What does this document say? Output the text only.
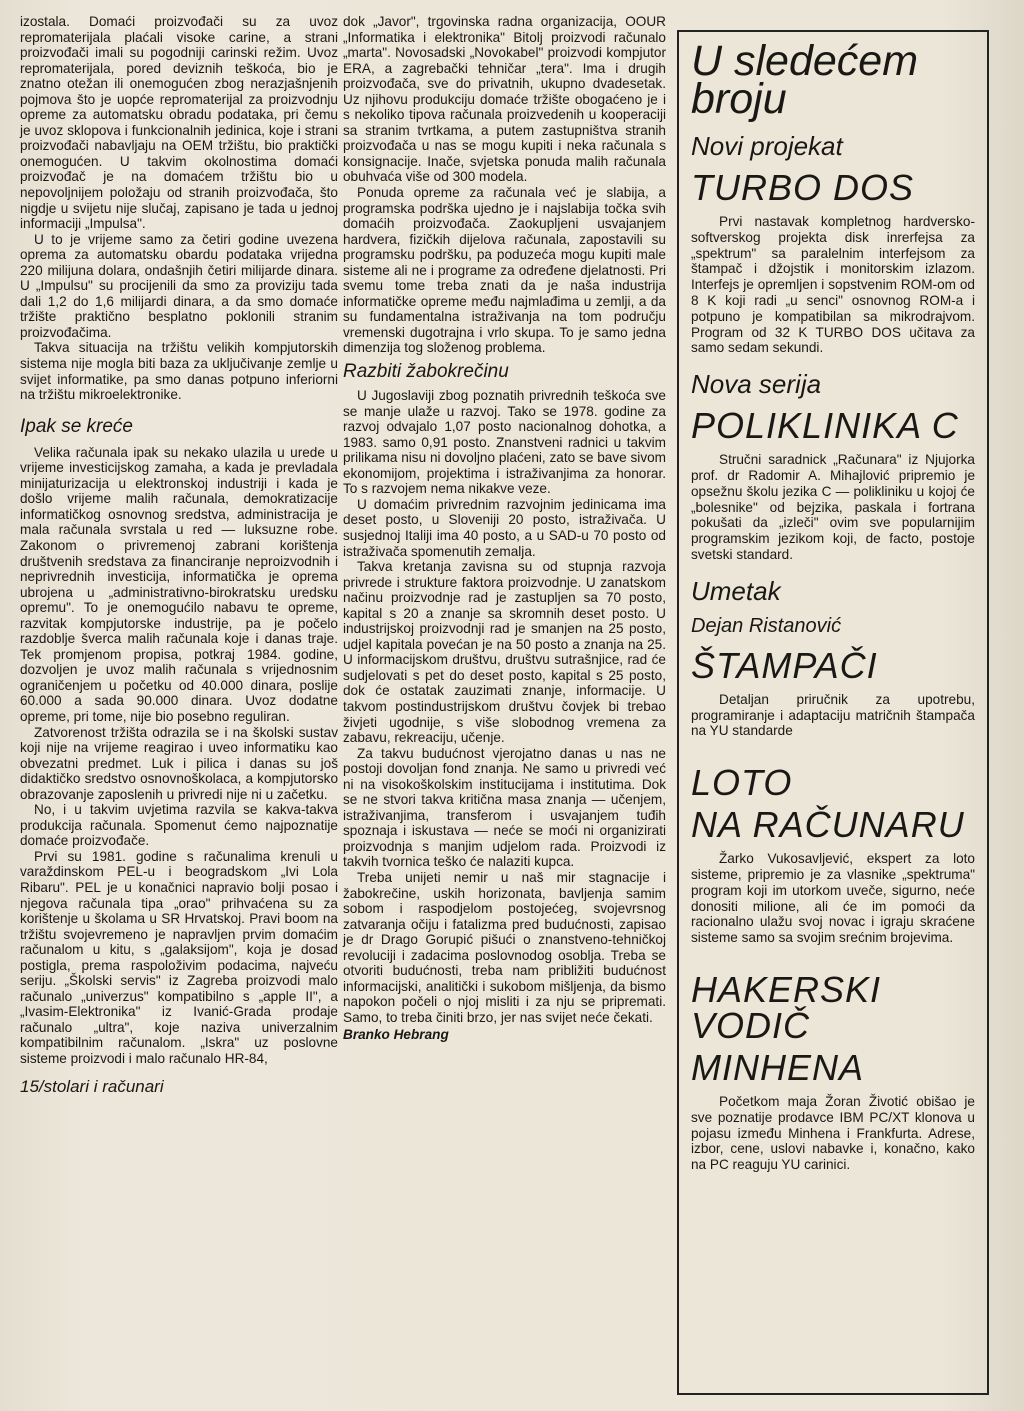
izostala. Domaći proizvođači su za uvoz repromaterijala plaćali visoke carine, a strani proizvođači imali su pogodniji carinski režim. Uvoz repromaterijala, pored deviznih teškoća, bio je znatno otežan ili onemogućen zbog nerazjašnjenih pojmova što je uopće repromaterijal za proizvodnju opreme za automatsku obradu podataka, pri čemu je uvoz sklopova i funkcionalnih jedinica, koje i strani proizvođači nabavljaju na OEM tržištu, bio praktički onemogućen. U takvim okolnostima domaći proizvođač je na domaćem tržištu bio u nepovoljnijem položaju od stranih proizvođača, što nigdje u svijetu nije slučaj, zapisano je tada u jednoj informaciji „Impulsa".

U to je vrijeme samo za četiri godine uvezena oprema za automatsku obardu podataka vrijedna 220 milijuna dolara, ondašnjih četiri milijarde dinara. U „Impulsu" su procijenili da smo za proviziju tada dali 1,2 do 1,6 milijardi dinara, a da smo domaće tržište praktično besplatno poklonili stranim proizvođačima.

Takva situacija na tržištu velikih kompjutorskih sistema nije mogla biti baza za uključivanje zemlje u svijet informatike, pa smo danas potpuno inferiorni na tržištu mikroelektronike.

Ipak se kreće

Velika računala ipak su nekako ulazila u urede u vrijeme investicijskog zamaha, a kada je prevladala minijaturizacija u elektronskoj industriji i kada je došlo vrijeme malih računala, demokratizacije informatičkog osnovnog sredstva, administracija je mala računala svrstala u red — luksuzne robe. Zakonom o privremenoj zabrani korištenja društvenih sredstava za financiranje neproizvodnih i neprivrednih investicija, informatička je oprema ubrojena u „administrativno-birokratsku uredsku opremu". To je onemogućilo nabavu te opreme, razvitak kompjutorske industrije, pa je počelo razdoblje šverca malih računala koje i danas traje. Tek promjenom propisa, potkraj 1984. godine, dozvoljen je uvoz malih računala s vrijednosnim ograničenjem u početku od 40.000 dinara, poslije 60.000 a sada 90.000 dinara. Uvoz dodatne opreme, pri tome, nije bio posebno reguliran.

Zatvorenost tržišta odrazila se i na školski sustav koji nije na vrijeme reagirao i uveo informatiku kao obvezatni predmet. Luk i pilica i danas su još didaktičko sredstvo osnovnoškolaca, a kompjutorsko obrazovanje zaposlenih u privredi nije ni u začetku.

No, i u takvim uvjetima razvila se kakva-takva produkcija računala. Spomenut ćemo najpoznatije domaće proizvođače.

Prvi su 1981. godine s računalima krenuli u varaždinskom PEL-u i beogradskom „Ivi Lola Ribaru". PEL je u konačnici napravio bolji posao i njegova računala tipa „orao" prihvaćena su za korištenje u školama u SR Hrvatskoj. Pravi boom na tržištu svojevremeno je napravljen prvim domaćim računalom u kitu, s „galaksijom", koja je dosad postigla, prema raspoloživim podacima, najveću seriju. „Školski servis" iz Zagreba proizvodi malo računalo „univerzus" kompatibilno s „apple II", a „Ivasim-Elektronika" iz Ivanić-Grada prodaje računalo „ultra", koje naziva univerzalnim kompatibilnim računalom. „Iskra" uz poslovne sisteme proizvodi i malo računalo HR-84,

15/stolari i računari

dok „Javor", trgovinska radna organizacija, OOUR „Informatika i elektronika" Bitolj proizvodi računalo „marta". Novosadski „Novokabel" proizvodi kompjutor ERA, a zagrebački tehničar „tera". Ima i drugih proizvođača, sve do privatnih, ukupno dvadesetak. Uz njihovu produkciju domaće tržište obogaćeno je i s nekoliko tipova računala proizvedenih u kooperaciji sa stranim tvrtkama, a putem zastupništva stranih proizvođača u nas se mogu kupiti i neka računala s konsignacije. Inače, svjetska ponuda malih računala obuhvaća više od 300 modela.

Ponuda opreme za računala već je slabija, a programska podrška ujedno je i najslabija točka svih domaćih proizvođača. Zaokupljeni usvajanjem hardvera, fizičkih dijelova računala, zapostavili su programsku podršku, pa poduzeća mogu kupiti male sisteme ali ne i programe za određene djelatnosti. Pri svemu tome treba znati da je naša industrija informatičke opreme među najmlađima u zemlji, a da su fundamentalna istraživanja na tom području vremenski dugotrajna i vrlo skupa. To je samo jedna dimenzija tog složenog problema.

Razbiti žabokrečinu

U Jugoslaviji zbog poznatih privrednih teškoća sve se manje ulaže u razvoj. Tako se 1978. godine za razvoj odvajalo 1,07 posto nacionalnog dohotka, a 1983. samo 0,91 posto. Znanstveni radnici u takvim prilikama nisu ni dovoljno plaćeni, zato se bave sivom ekonomijom, projektima i istraživanjima za honorar. To s razvojem nema nikakve veze.

U domaćim privrednim razvojnim jedinicama ima deset posto, u Sloveniji 20 posto, istraživača. U susjednoj Italiji ima 40 posto, a u SAD-u 70 posto od istraživača spomenutih zemalja.

Takva kretanja zavisna su od stupnja razvoja privrede i strukture faktora proizvodnje. U zanatskom načinu proizvodnje rad je zastupljen sa 70 posto, kapital s 20 a znanje sa skromnih deset posto. U industrijskoj proizvodnji rad je smanjen na 25 posto, udjel kapitala povećan je na 50 posto a znanja na 25. U informacijskom društvu, društvu sutrašnjice, rad će sudjelovati s pet do deset posto, kapital s 25 posto, dok će ostatak zauzimati znanje, informacije. U takvom postindustrijskom društvu čovjek bi trebao živjeti ugodnije, s više slobodnog vremena za zabavu, rekreaciju, učenje.

Za takvu budućnost vjerojatno danas u nas ne postoji dovoljan fond znanja. Ne samo u privredi već ni na visokoškolskim institucijama i institutima. Dok se ne stvori takva kritična masa znanja — učenjem, istraživanjima, transferom i usvajanjem tuđih spoznaja i iskustava — neće se moći ni organizirati proizvodnja s manjim udjelom rada. Proizvodi iz takvih tvornica teško će nalaziti kupca.

Treba unijeti nemir u naš mir stagnacije i žabokrečine, uskih horizonata, bavljenja samim sobom i raspodjelom postojećeg, svojevrsnog zatvaranja očiju i fatalizma pred budućnosti, zapisao je dr Drago Gorupić pišući o znanstveno-tehničkoj revoluciji i zadacima poslovnodog osoblja. Treba se otvoriti budućnosti, treba nam približiti budućnost informacijski, analitički i sukobom mišljenja, da bismo napokon počeli o njoj misliti i za nju se pripremati. Samo, to treba činiti brzo, jer nas svijet neće čekati.

Branko Hebrang
U sledećem broju
Novi projekat
TURBO DOS

Prvi nastavak kompletnog hardversko-softverskog projekta disk inrerfejsa za „spektrum" sa paralelnim interfejsom za štampač i džojstik i monitorskim izlazom. Interfejs je opremljen i sopstvenim ROM-om od 8 K koji radi „u senci" osnovnog ROM-a i potpuno je kompatibilan sa mikrodrajvom. Program od 32 K TURBO DOS učitava za samo sedam sekundi.

Nova serija
POLIKLINIKA C

Stručni saradnick „Računara" iz Njujorka prof. dr Radomir A. Mihajlović pripremio je opsežnu školu jezika C — polikliniku u kojoj će „bolesnike" od bejzika, paskala i fortrana pokušati da „izleči" ovim sve popularnijim programskim jezikom koji, de facto, postoje svetski standard.

Umetak
Dejan Ristanović
ŠTAMPAČI

Detaljan priručnik za upotrebu, programiranje i adaptaciju matričnih štampača na YU standarde

LOTO
NA RAČUNARU

Žarko Vukosavljević, ekspert za loto sisteme, pripremio je za vlasnike „spektruma" program koji im utorkom uveče, sigurno, neće donositi milione, ali će im pomoći da racionalno ulažu svoj novac i igraju skraćene sisteme samo sa svojim srećnim brojevima.

HAKERSKI
VODIČ
MINHENA

Početkom maja Žoran Životić obišao je sve poznatije prodavce IBM PC/XT klonova u pojasu između Minhena i Frankfurta. Adrese, izbor, cene, uslovi nabavke i, konačno, kako na PC reaguju YU carinici.
